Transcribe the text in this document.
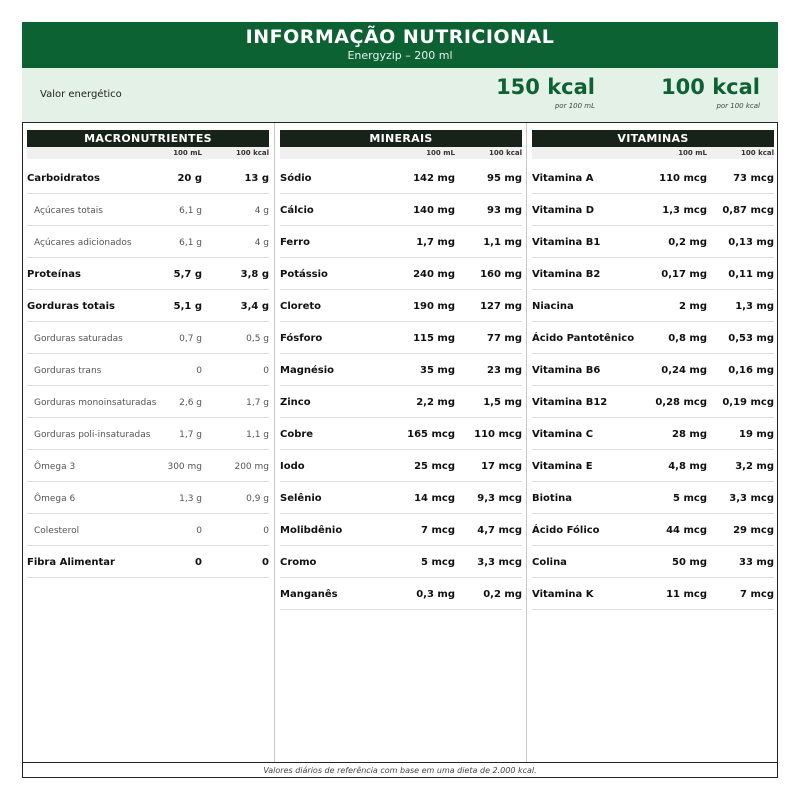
INFORMAÇÃO NUTRICIONAL
Energyzip – 200 ml
Valor energético	150 kcal
por 100 mL
100 kcal
por 100 kcal
MACRONUTRIENTES
100 mL	100 kcal
Carboidratos	20 g	13 g
Açúcares totais	6,1 g	4 g
Açúcares adicionados	6,1 g	4 g
Proteínas	5,7 g	3,8 g
Gorduras totais	5,1 g	3,4 g
Gorduras saturadas	0,7 g	0,5 g
Gorduras trans	0	0
Gorduras monoinsaturadas	2,6 g	1,7 g
Gorduras poli-insaturadas	1,7 g	1,1 g
Ômega 3	300 mg	200 mg
Ômega 6	1,3 g	0,9 g
Colesterol	0	0
Fibra Alimentar	0	0
MINERAIS
100 mL	100 kcal
Sódio	142 mg	95 mg
Cálcio	140 mg	93 mg
Ferro	1,7 mg	1,1 mg
Potássio	240 mg	160 mg
Cloreto	190 mg	127 mg
Fósforo	115 mg	77 mg
Magnésio	35 mg	23 mg
Zinco	2,2 mg	1,5 mg
Cobre	165 mcg 110 mcg
Iodo	25 mcg	17 mcg
Selênio	14 mcg 9,3 mcg
Molibdênio	7 mcg 4,7 mcg
Cromo	5 mcg 3,3 mcg
Manganês	0,3 mg	0,2 mg
VITAMINAS
100 mL	100 kcal
Vitamina A	110 mcg	73 mcg
Vitamina D	1,3 mcg 0,87 mcg
Vitamina B1	0,2 mg 0,13 mg
Vitamina B2	0,17 mg 0,11 mg
Niacina	2 mg	1,3 mg
Ácido Pantotênico	0,8 mg 0,53 mg
Vitamina B6	0,24 mg 0,16 mg
Vitamina B12	0,28 mcg 0,19 mcg
Vitamina C	28 mg	19 mg
Vitamina E	4,8 mg	3,2 mg
Biotina	5 mcg 3,3 mcg
Ácido Fólico	44 mcg	29 mcg
Colina	50 mg	33 mg
Vitamina K	11 mcg	7 mcg
Valores diários de referência com base em uma dieta de 2.000 kcal.
